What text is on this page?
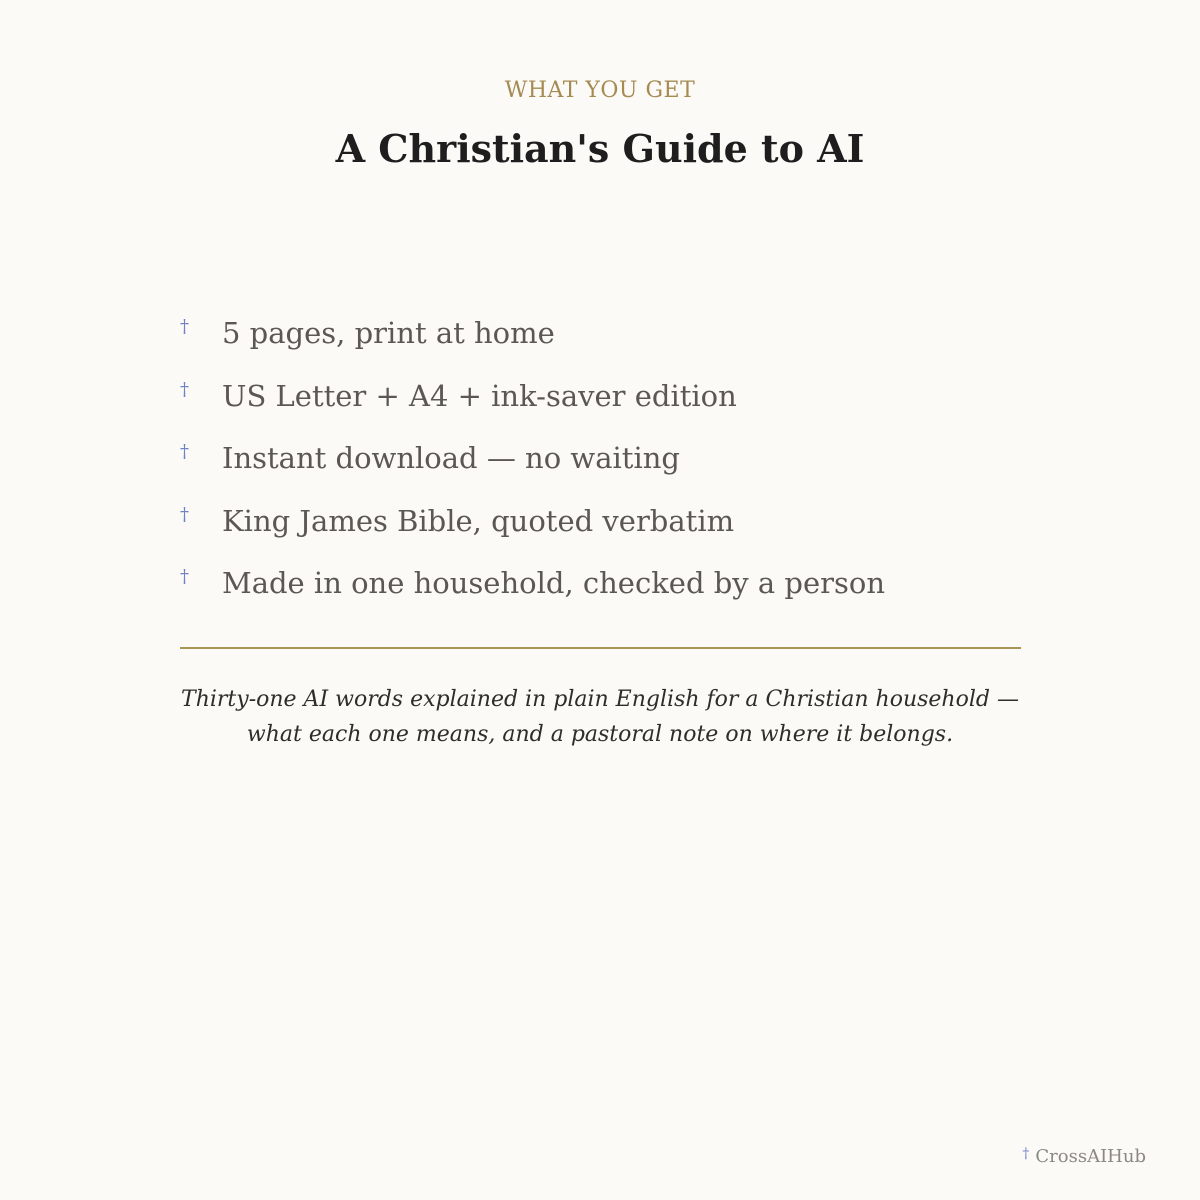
WHAT YOU GET
A Christian's Guide to AI
† 5 pages, print at home
† US Letter + A4 + ink-saver edition
† Instant download — no waiting
† King James Bible, quoted verbatim
† Made in one household, checked by a person
Thirty-one AI words explained in plain English for a Christian household — what each one means, and a pastoral note on where it belongs.
† CrossAIHub
